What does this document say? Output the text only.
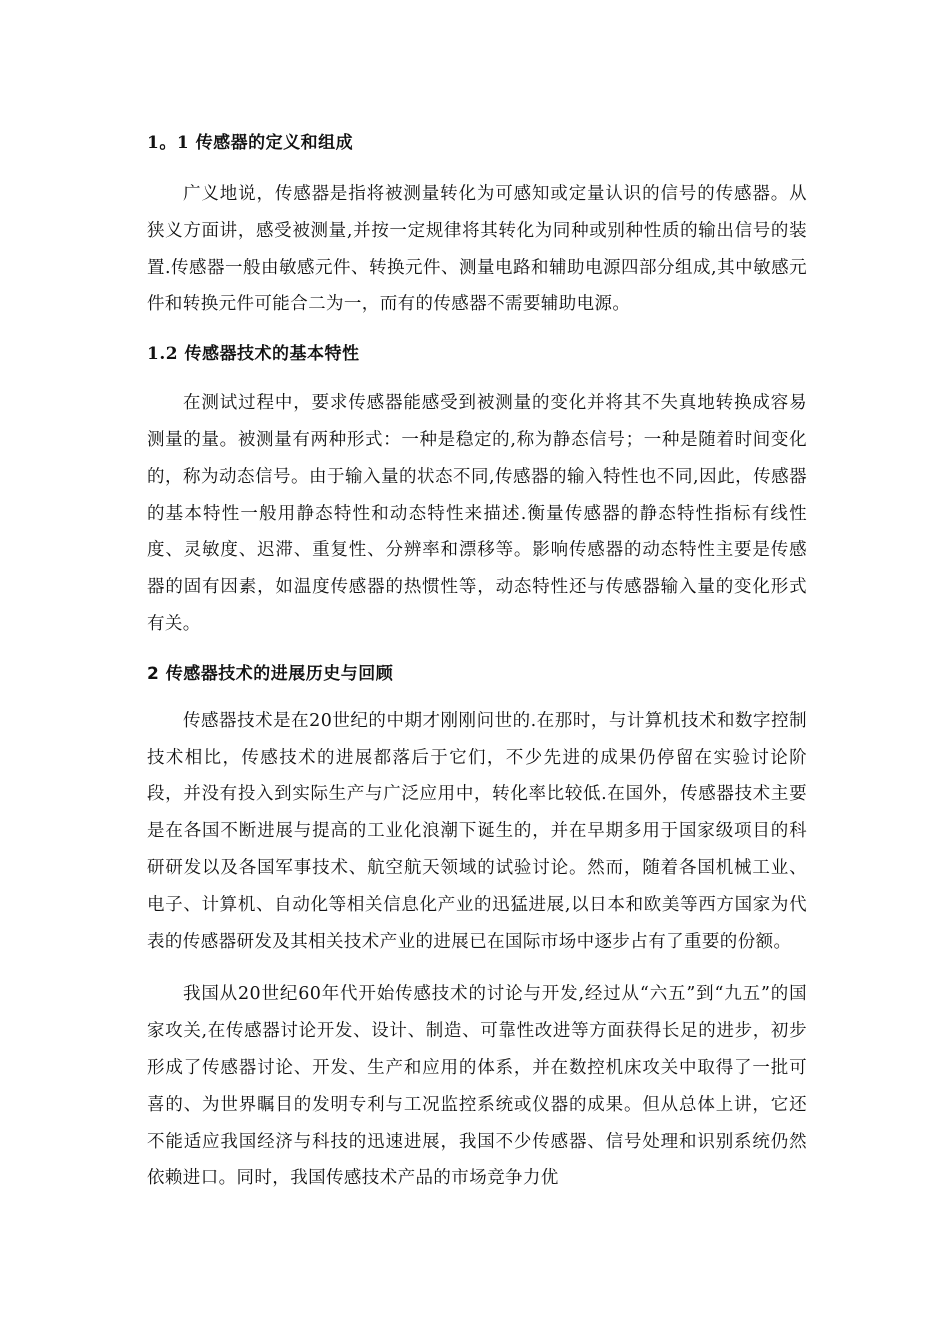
1。1 传感器的定义和组成

广义地说，传感器是指将被测量转化为可感知或定量认识的信号的传感器。从狭义方面讲，感受被测量,并按一定规律将其转化为同种或别种性质的输出信号的装置.传感器一般由敏感元件、转换元件、测量电路和辅助电源四部分组成,其中敏感元件和转换元件可能合二为一，而有的传感器不需要辅助电源。

1.2 传感器技术的基本特性

在测试过程中，要求传感器能感受到被测量的变化并将其不失真地转换成容易测量的量。被测量有两种形式：一种是稳定的,称为静态信号；一种是随着时间变化的，称为动态信号。由于输入量的状态不同,传感器的输入特性也不同,因此，传感器的基本特性一般用静态特性和动态特性来描述.衡量传感器的静态特性指标有线性度、灵敏度、迟滞、重复性、分辨率和漂移等。影响传感器的动态特性主要是传感器的固有因素，如温度传感器的热惯性等，动态特性还与传感器输入量的变化形式有关。

2 传感器技术的进展历史与回顾

传感器技术是在20世纪的中期才刚刚问世的.在那时，与计算机技术和数字控制技术相比，传感技术的进展都落后于它们，不少先进的成果仍停留在实验讨论阶段，并没有投入到实际生产与广泛应用中，转化率比较低.在国外，传感器技术主要是在各国不断进展与提高的工业化浪潮下诞生的，并在早期多用于国家级项目的科研研发以及各国军事技术、航空航天领域的试验讨论。然而，随着各国机械工业、电子、计算机、自动化等相关信息化产业的迅猛进展,以日本和欧美等西方国家为代表的传感器研发及其相关技术产业的进展已在国际市场中逐步占有了重要的份额。

我国从20世纪60年代开始传感技术的讨论与开发,经过从“六五”到“九五”的国家攻关,在传感器讨论开发、设计、制造、可靠性改进等方面获得长足的进步，初步形成了传感器讨论、开发、生产和应用的体系，并在数控机床攻关中取得了一批可喜的、为世界瞩目的发明专利与工况监控系统或仪器的成果。但从总体上讲，它还不能适应我国经济与科技的迅速进展，我国不少传感器、信号处理和识别系统仍然依赖进口。同时，我国传感技术产品的市场竞争力优
